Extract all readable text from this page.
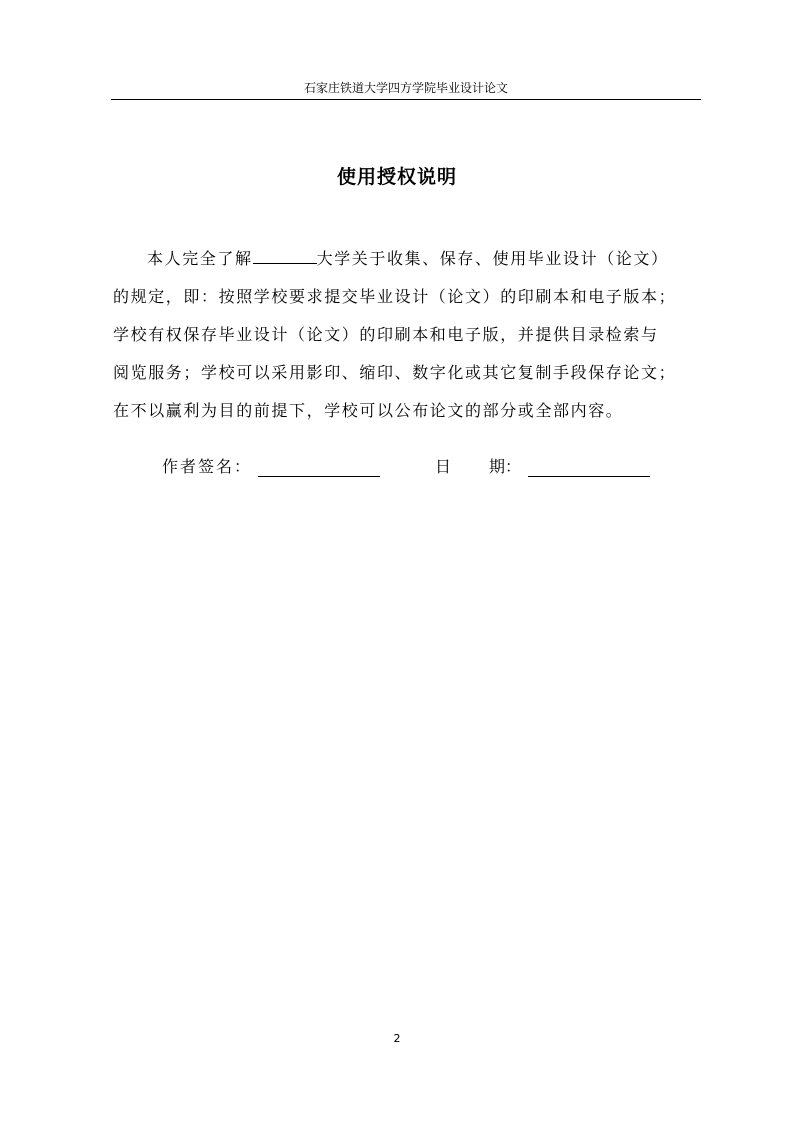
石家庄铁道大学四方学院毕业设计论文
使用授权说明
本人完全了解	大学关于收集、保存、使用毕业设计（论文）
的规定，即：按照学校要求提交毕业设计（论文）的印刷本和电子版本；
学校有权保存毕业设计（论文）的印刷本和电子版，并提供目录检索与
阅览服务；学校可以采用影印、缩印、数字化或其它复制手段保存论文；
在不以赢利为目的前提下，学校可以公布论文的部分或全部内容。
作者签名：	日 期：
2
